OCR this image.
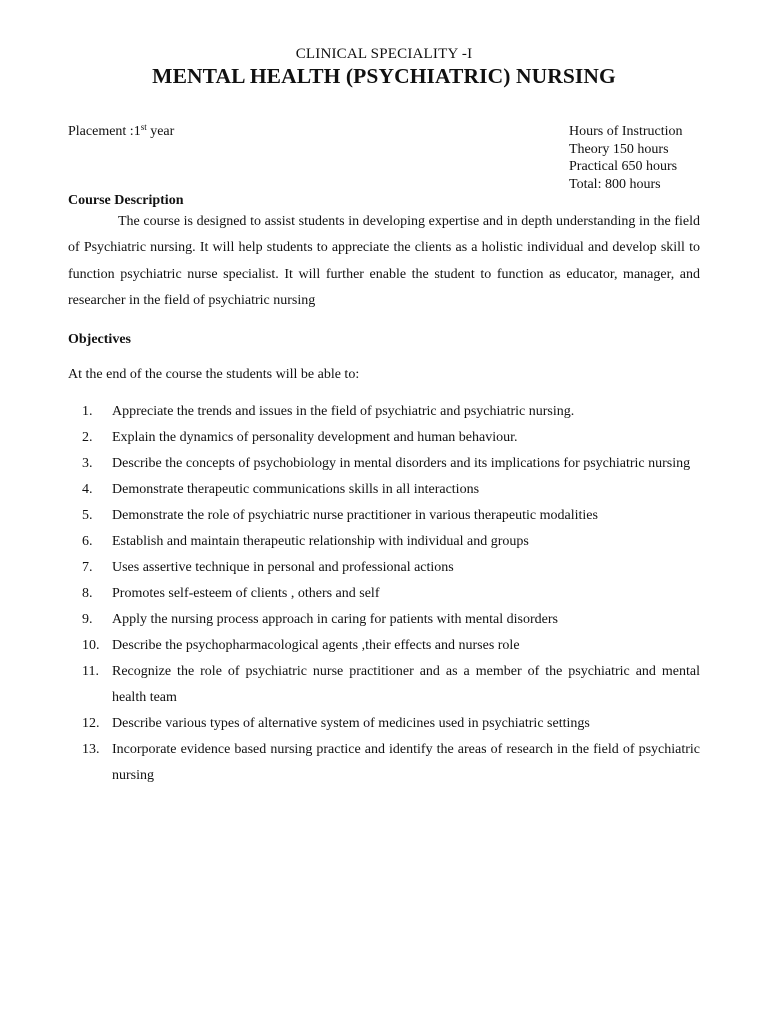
CLINICAL SPECIALITY -I
MENTAL HEALTH (PSYCHIATRIC) NURSING
Placement :1st year	Hours of Instruction
Theory 150 hours
Practical 650 hours
Total: 800 hours
Course Description

The course is designed to assist students in developing expertise and in depth understanding in the field of Psychiatric nursing. It will help students to appreciate the clients as a holistic individual and develop skill to function psychiatric nurse specialist. It will further enable the student to function as educator, manager, and researcher in the field of psychiatric nursing

Objectives
At the end of the course the students will be able to:
1.	Appreciate the trends and issues in the field of psychiatric and psychiatric nursing.
2.	Explain the dynamics of personality development and human behaviour.
3.	Describe the concepts of psychobiology in mental disorders and its implications for psychiatric nursing
4.	Demonstrate therapeutic communications skills in all interactions
5.	Demonstrate the role of psychiatric nurse practitioner in various therapeutic modalities
6.	Establish and maintain therapeutic relationship with individual and groups
7.	Uses assertive technique in personal and professional actions
8.	Promotes self-esteem of clients , others and self
9.	Apply the nursing process approach in caring for patients with mental disorders
10. Describe the psychopharmacological agents ,their effects and nurses role
11. Recognize the role of psychiatric nurse practitioner and as a member of the psychiatric and mental health team
12. Describe various types of alternative system of medicines used in psychiatric settings
13. Incorporate evidence based nursing practice and identify the areas of research in the field of psychiatric nursing
